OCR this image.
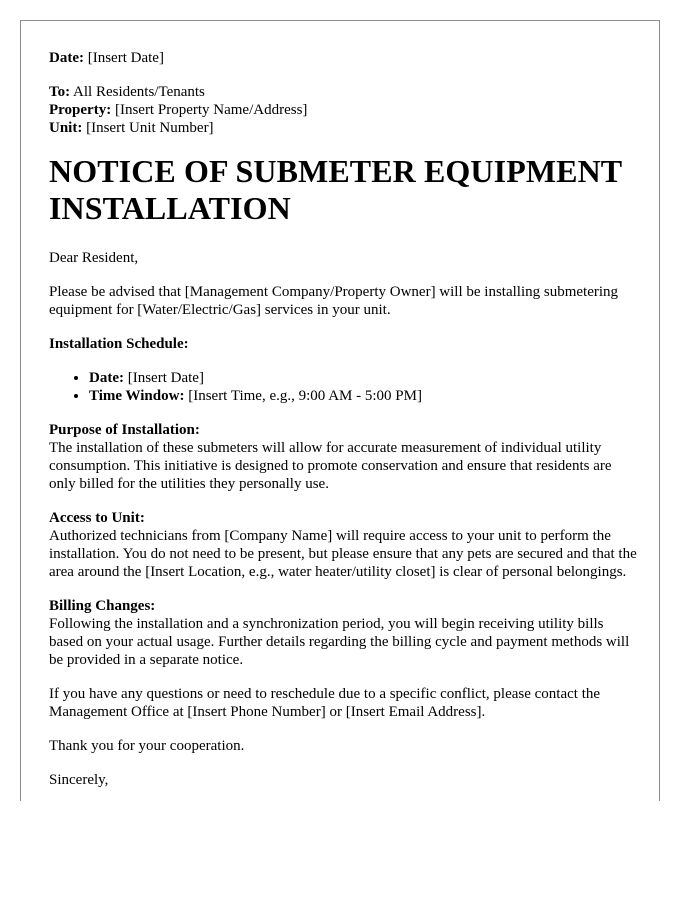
Date: [Insert Date]

To: All Residents/Tenants

Property: [Insert Property Name/Address]

Unit: [Insert Unit Number]

NOTICE OF SUBMETER EQUIPMENT INSTALLATION

Dear Resident,

Please be advised that [Management Company/Property Owner] will be installing submetering equipment for [Water/Electric/Gas] services in your unit.

Installation Schedule:

• Date: [Insert Date]
• Time Window: [Insert Time, e.g., 9:00 AM - 5:00 PM]

Purpose of Installation:

The installation of these submeters will allow for accurate measurement of individual utility consumption. This initiative is designed to promote conservation and ensure that residents are only billed for the utilities they personally use.

Access to Unit:

Authorized technicians from [Company Name] will require access to your unit to perform the installation. You do not need to be present, but please ensure that any pets are secured and that the area around the [Insert Location, e.g., water heater/utility closet] is clear of personal belongings.

Billing Changes:

Following the installation and a synchronization period, you will begin receiving utility bills based on your actual usage. Further details regarding the billing cycle and payment methods will be provided in a separate notice.

If you have any questions or need to reschedule due to a specific conflict, please contact the Management Office at [Insert Phone Number] or [Insert Email Address].

Thank you for your cooperation.

Sincerely,
